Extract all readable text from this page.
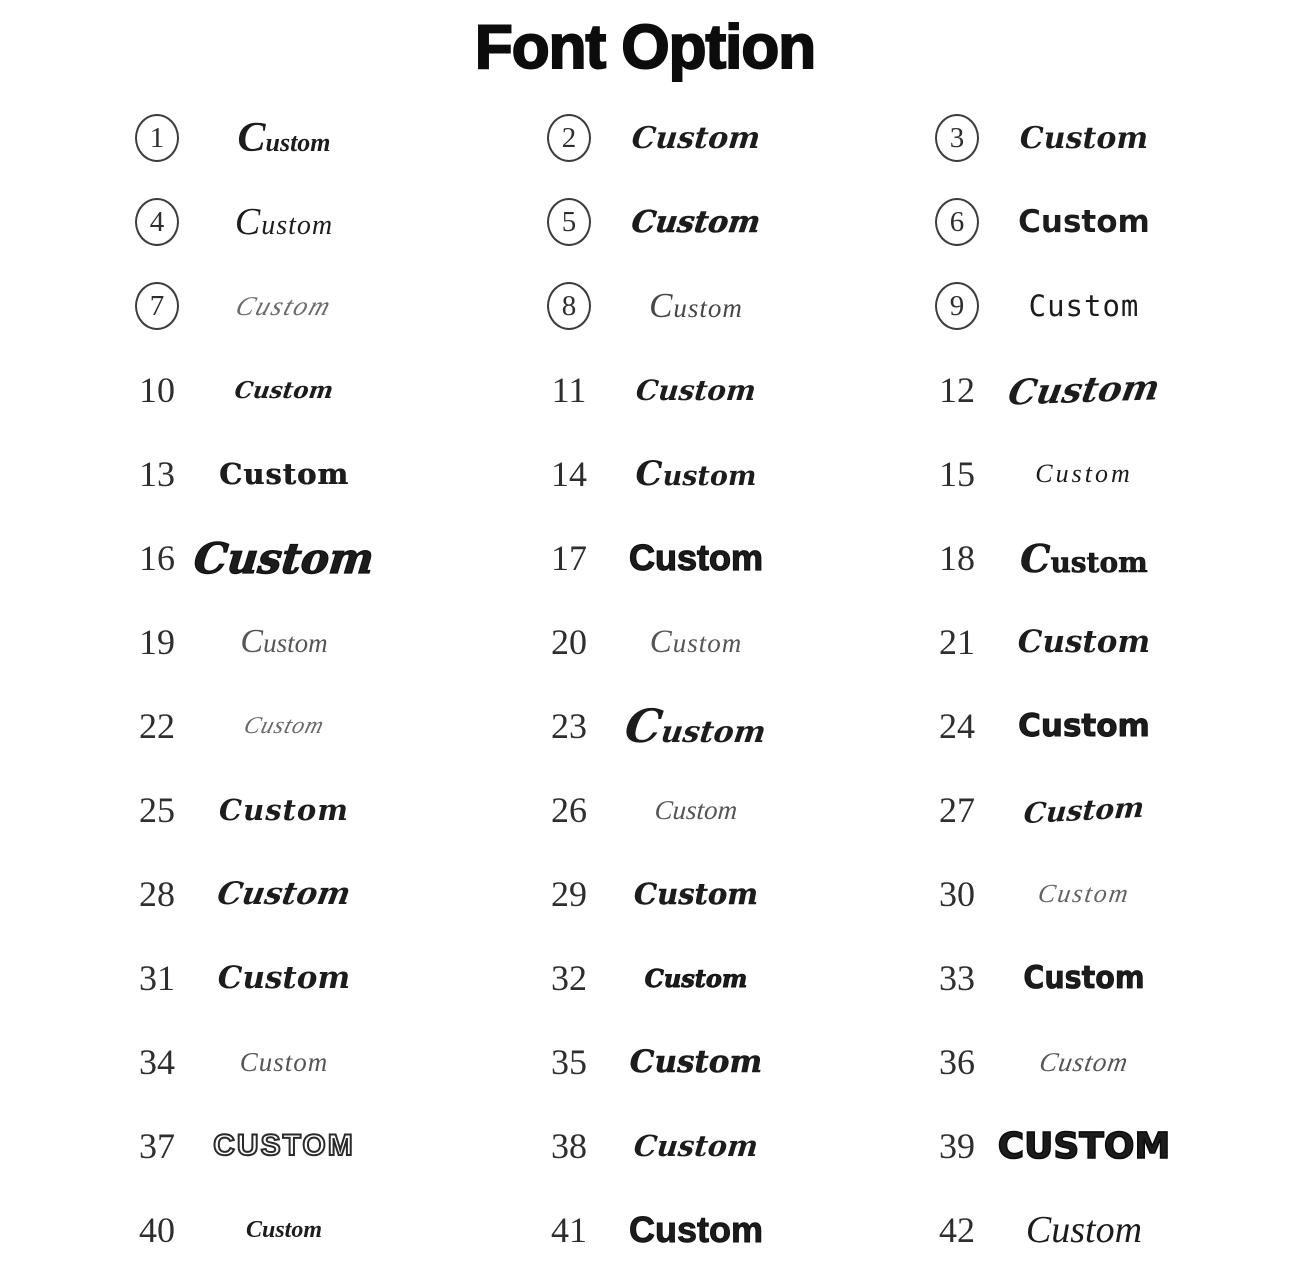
Font Option
1	Custom	2	Custom	3	Custom
4	Custom	5	Custom	6	Custom
7	Custom	8	Custom	9	Custom
10	Custom	11	Custom	12 Custom
13	Custom	14	Custom	15	Custom
16 Custom	17	Custom	18	Custom
19	Custom	20	Custom	21	Custom
22	Custom	23	Custom	24	Custom
25	Custom	26	Custom	27	Custom
28	Custom	29	Custom	30	Custom
31	Custom	32	Custom	33	Custom
34	Custom	35	Custom	36	Custom
37	CUSTOM	38	Custom	39 CUSTOM
40	Custom	41	Custom	42	Custom
